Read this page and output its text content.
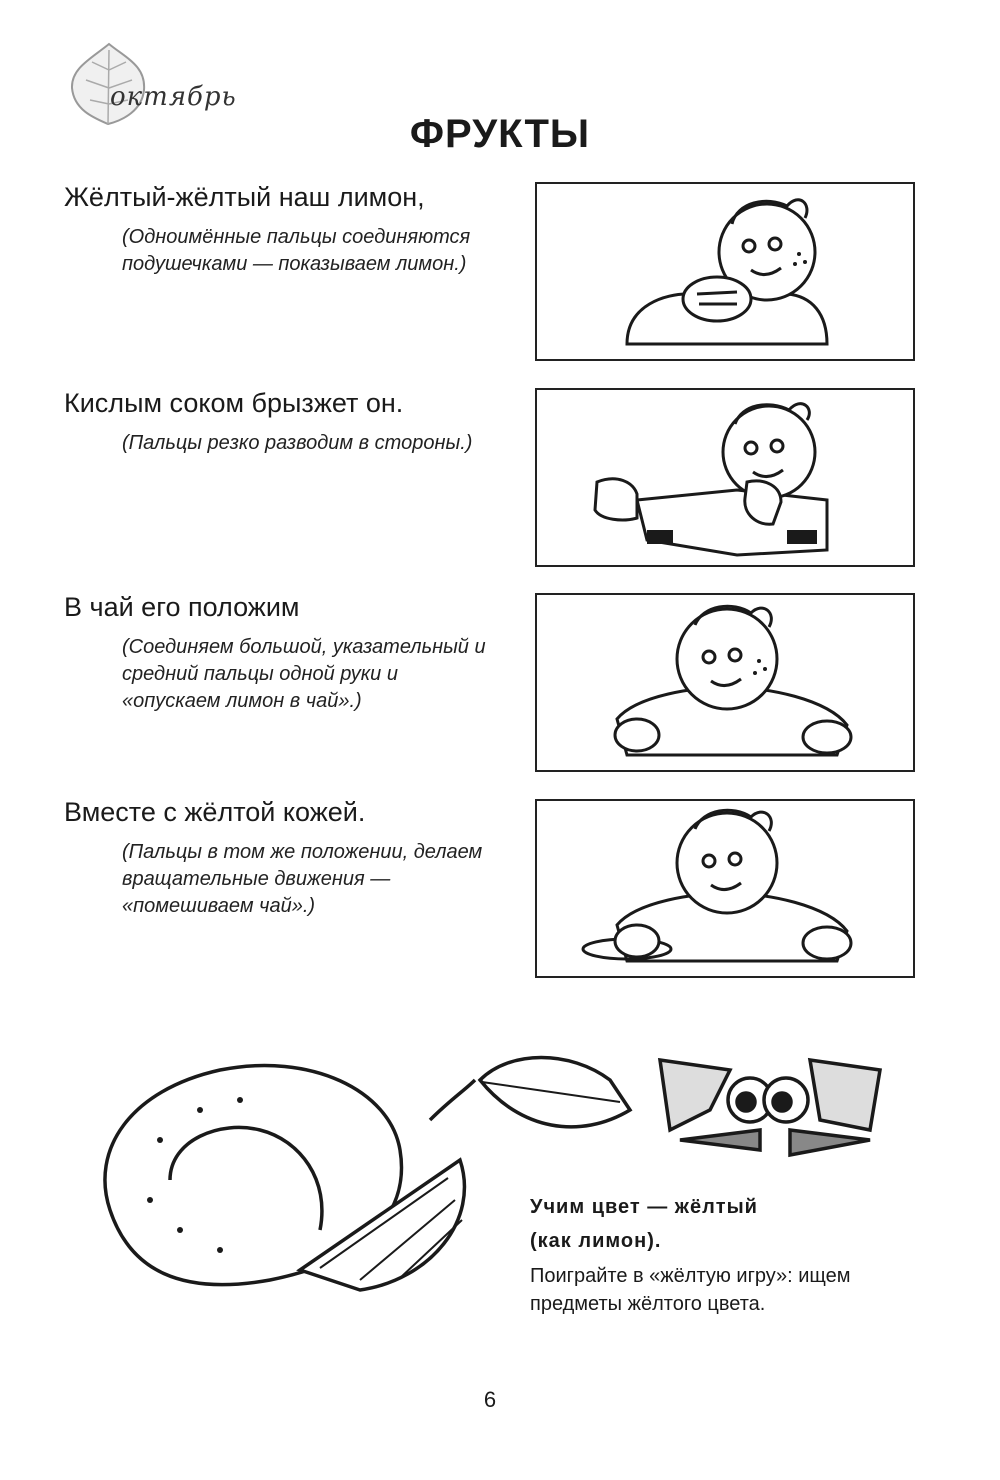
октябрь
ФРУКТЫ

Жёлтый-жёлтый наш лимон,

(Одноимённые пальцы соединяются подушечками — показываем лимон.)

Кислым соком брызжет он.

(Пальцы резко разводим в стороны.)

В чай его положим

(Соединяем большой, указательный и средний пальцы одной руки и «опускаем лимон в чай».)

Вместе с жёлтой кожей.

(Пальцы в том же положении, делаем вращательные движения — «помешиваем чай».)

Учим цвет — жёлтый

(как лимон).

Поиграйте в «жёлтую игру»: ищем предметы жёлтого цвета.

6
